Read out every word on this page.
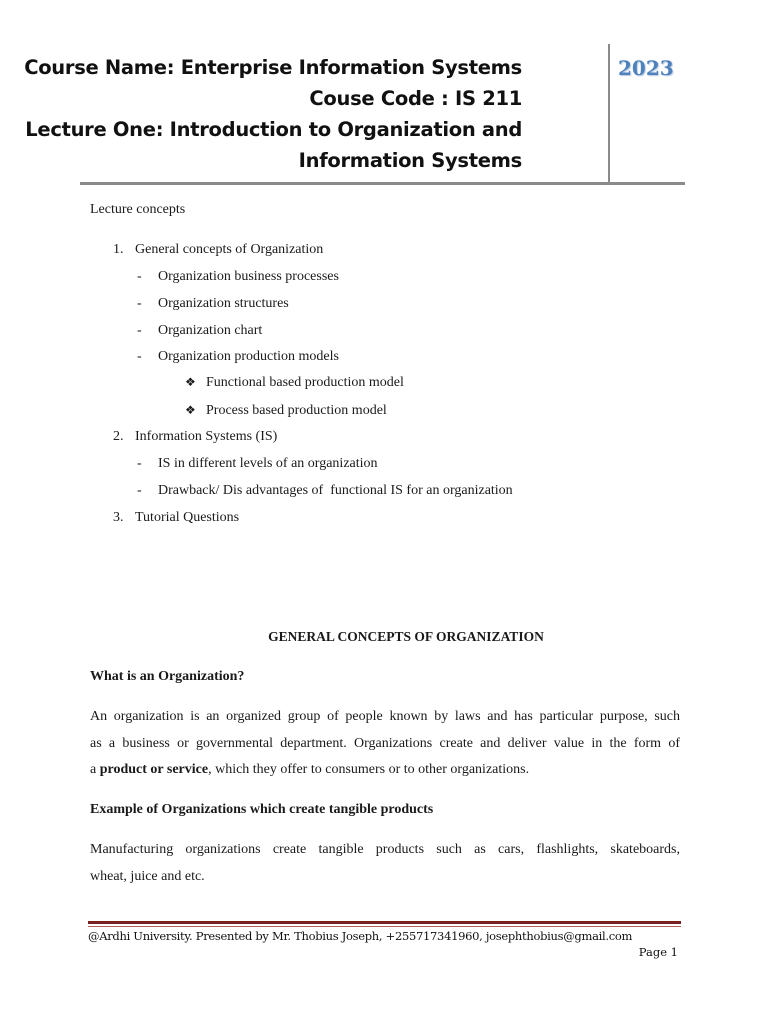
Course Name: Enterprise Information Systems
Couse Code : IS 211
Lecture One: Introduction to Organization and
Information Systems
2023
Lecture concepts
1. General concepts of Organization
- Organization business processes
- Organization structures
- Organization chart
- Organization production models
❖ Functional based production model
❖ Process based production model
2. Information Systems (IS)
- IS in different levels of an organization
- Drawback/ Dis advantages of  functional IS for an organization
3. Tutorial Questions
GENERAL CONCEPTS OF ORGANIZATION
What is an Organization?
An organization is an organized group of people known by laws and has particular purpose, such
as a business or governmental department. Organizations create and deliver value in the form of
a product or service, which they offer to consumers or to other organizations.
Example of Organizations which create tangible products
Manufacturing organizations create tangible products such as cars, flashlights, skateboards,
wheat, juice and etc.
@Ardhi University. Presented by Mr. Thobius Joseph, +255717341960, josephthobius@gmail.com
Page 1
